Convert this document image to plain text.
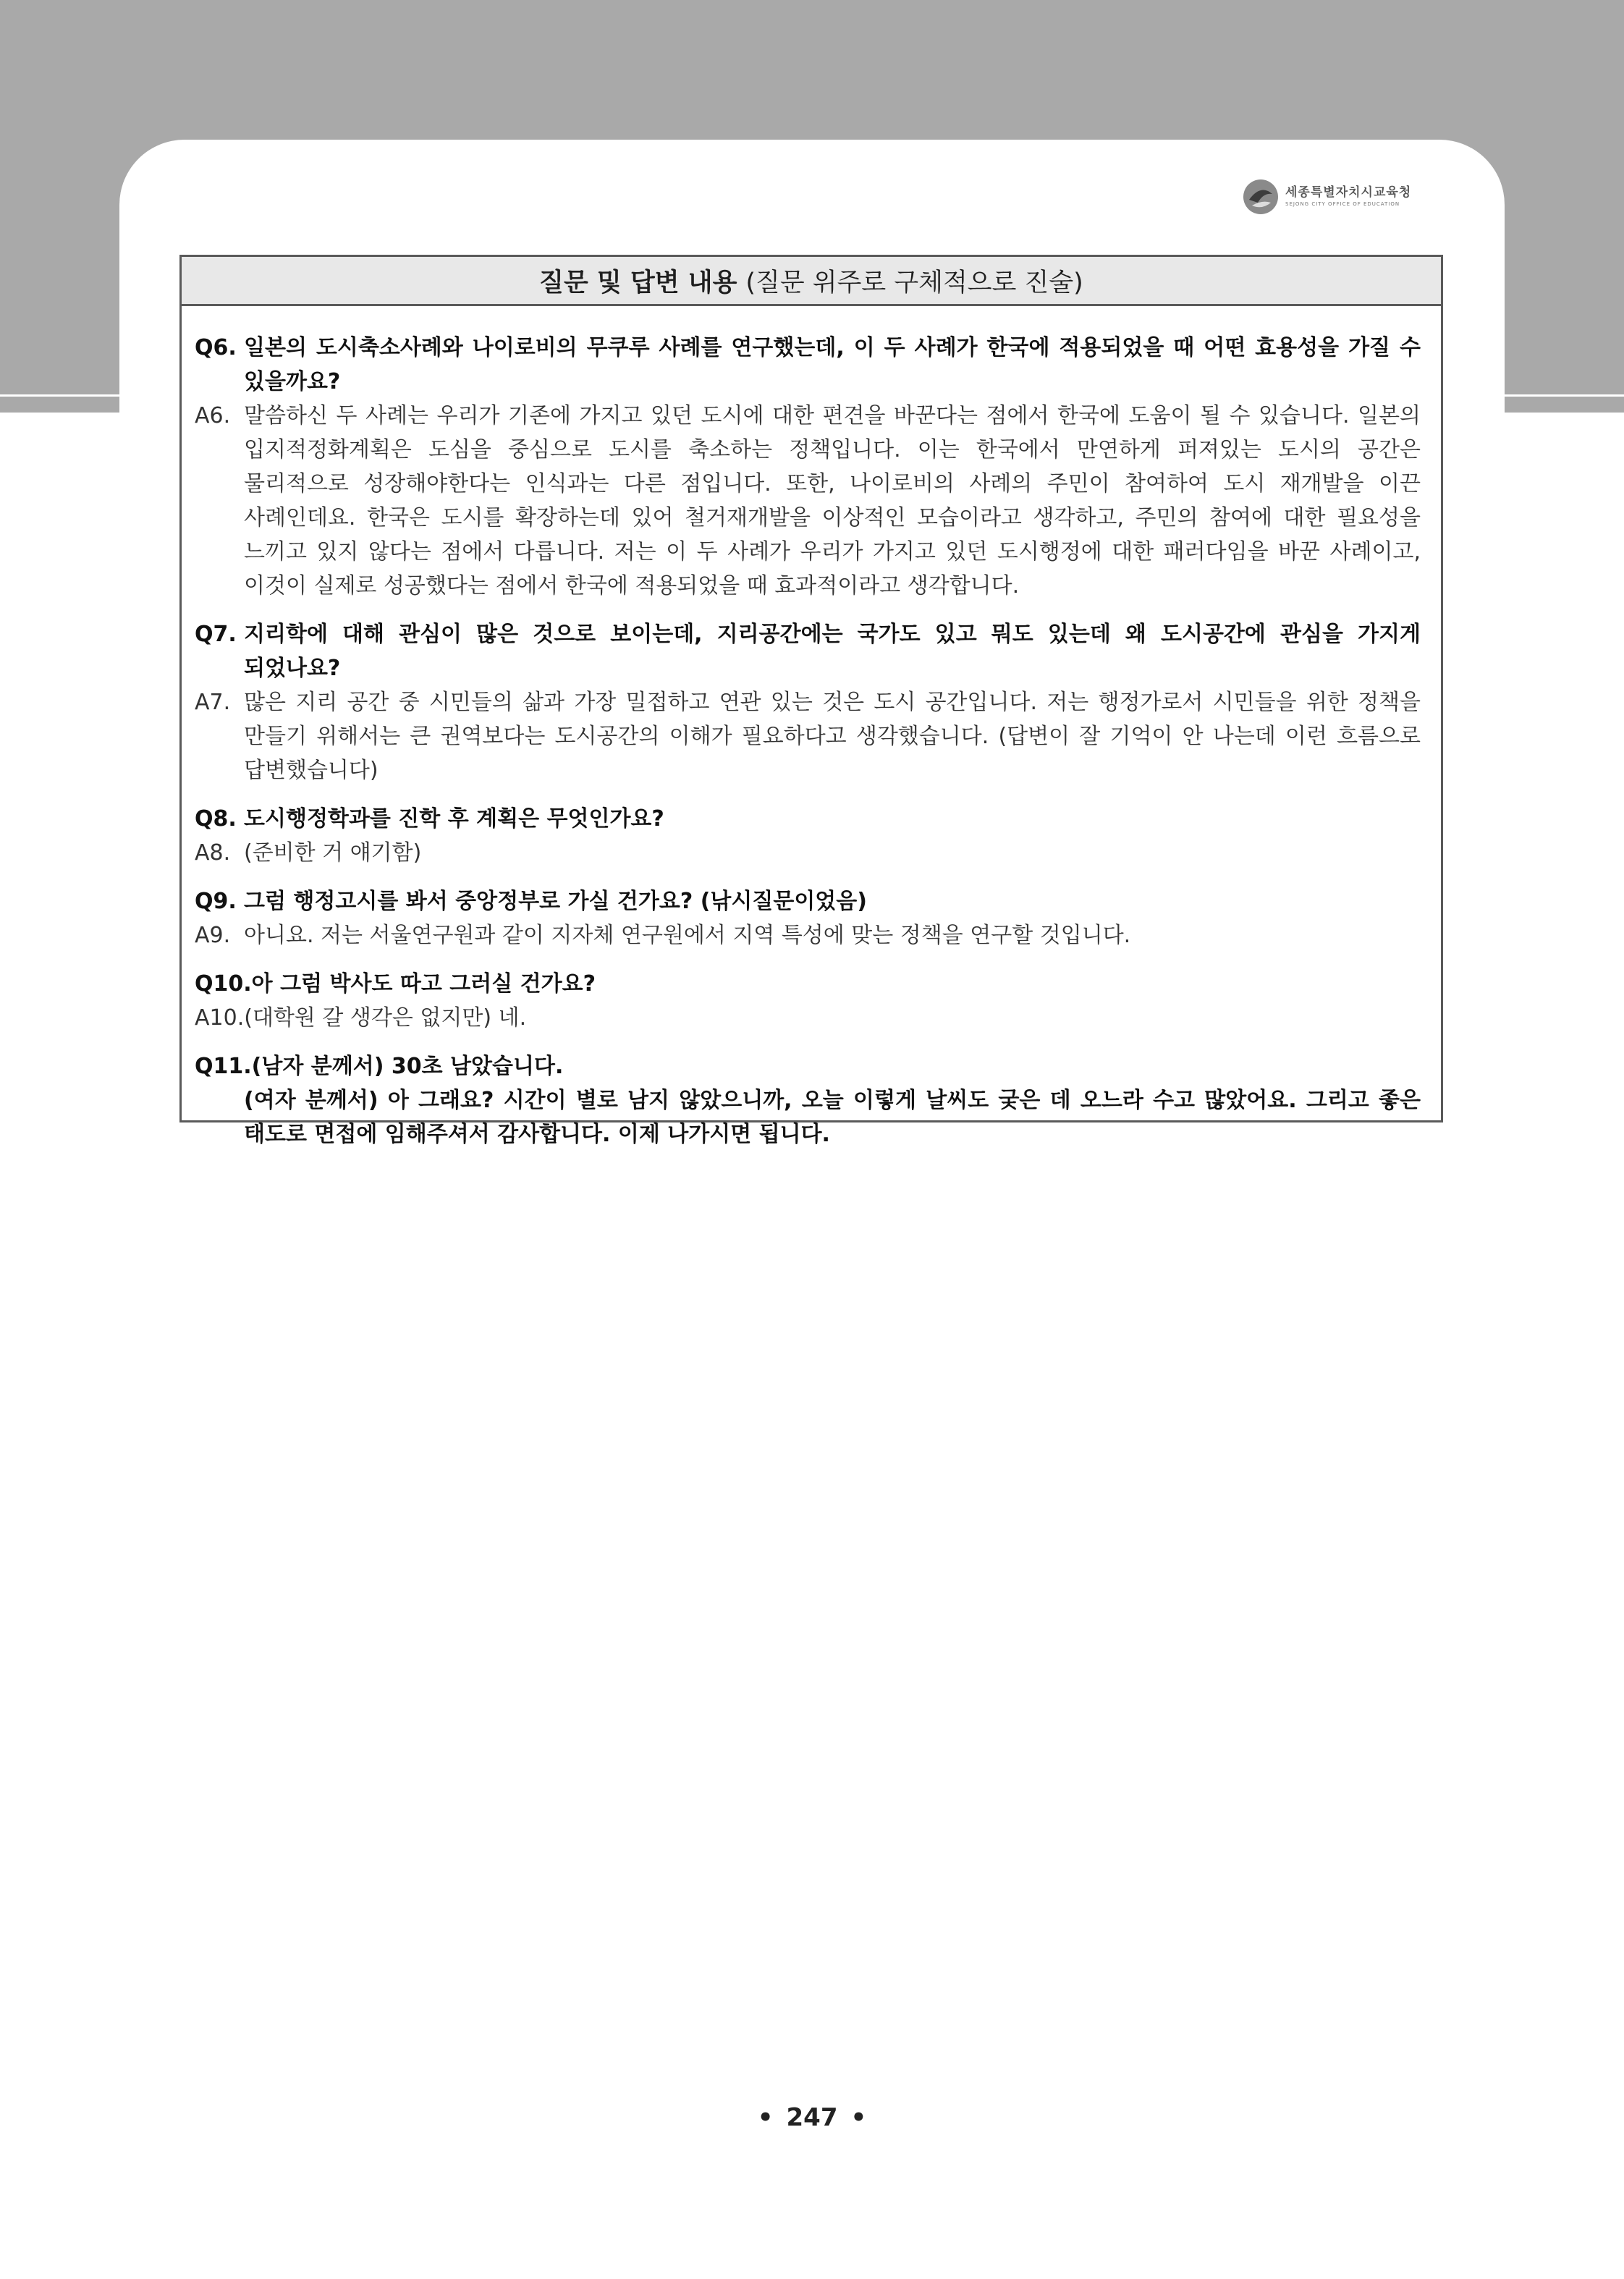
세종특별자치시교육청
SEJONG CITY OFFICE OF EDUCATION
질문 및 답변 내용 (질문 위주로 구체적으로 진술)
Q6. 일본의 도시축소사례와 나이로비의 무쿠루 사례를 연구했는데, 이 두 사례가 한국에 적용되었을 때 어떤 효용성을 가질 수 있을까요?
A6. 말씀하신 두 사례는 우리가 기존에 가지고 있던 도시에 대한 편견을 바꾼다는 점에서 한국에 도움이 될 수 있습니다. 일본의 입지적정화계획은 도심을 중심으로 도시를 축소하는 정책입니다. 이는 한국에서 만연하게 퍼져있는 도시의 공간은 물리적으로 성장해야한다는 인식과는 다른 점입니다. 또한, 나이로비의 사례의 주민이 참여하여 도시 재개발을 이끈 사례인데요. 한국은 도시를 확장하는데 있어 철거재개발을 이상적인 모습이라고 생각하고, 주민의 참여에 대한 필요성을 느끼고 있지 않다는 점에서 다릅니다. 저는 이 두 사례가 우리가 가지고 있던 도시행정에 대한 패러다임을 바꾼 사례이고, 이것이 실제로 성공했다는 점에서 한국에 적용되었을 때 효과적이라고 생각합니다.
Q7. 지리학에 대해 관심이 많은 것으로 보이는데, 지리공간에는 국가도 있고 뭐도 있는데 왜 도시공간에 관심을 가지게 되었나요?
A7. 많은 지리 공간 중 시민들의 삶과 가장 밀접하고 연관 있는 것은 도시 공간입니다. 저는 행정가로서 시민들을 위한 정책을 만들기 위해서는 큰 권역보다는 도시공간의 이해가 필요하다고 생각했습니다. (답변이 잘 기억이 안 나는데 이런 흐름으로 답변했습니다)
Q8. 도시행정학과를 진학 후 계획은 무엇인가요?
A8. (준비한 거 얘기함)
Q9. 그럼 행정고시를 봐서 중앙정부로 가실 건가요? (낚시질문이었음)
A9. 아니요. 저는 서울연구원과 같이 지자체 연구원에서 지역 특성에 맞는 정책을 연구할 것입니다.
Q10. 아 그럼 박사도 따고 그러실 건가요?
A10. (대학원 갈 생각은 없지만) 네.
Q11. (남자 분께서) 30초 남았습니다.
(여자 분께서) 아 그래요? 시간이 별로 남지 않았으니까, 오늘 이렇게 날씨도 궂은 데 오느라 수고 많았어요. 그리고 좋은 태도로 면접에 임해주셔서 감사합니다. 이제 나가시면 됩니다.
• 247 •
